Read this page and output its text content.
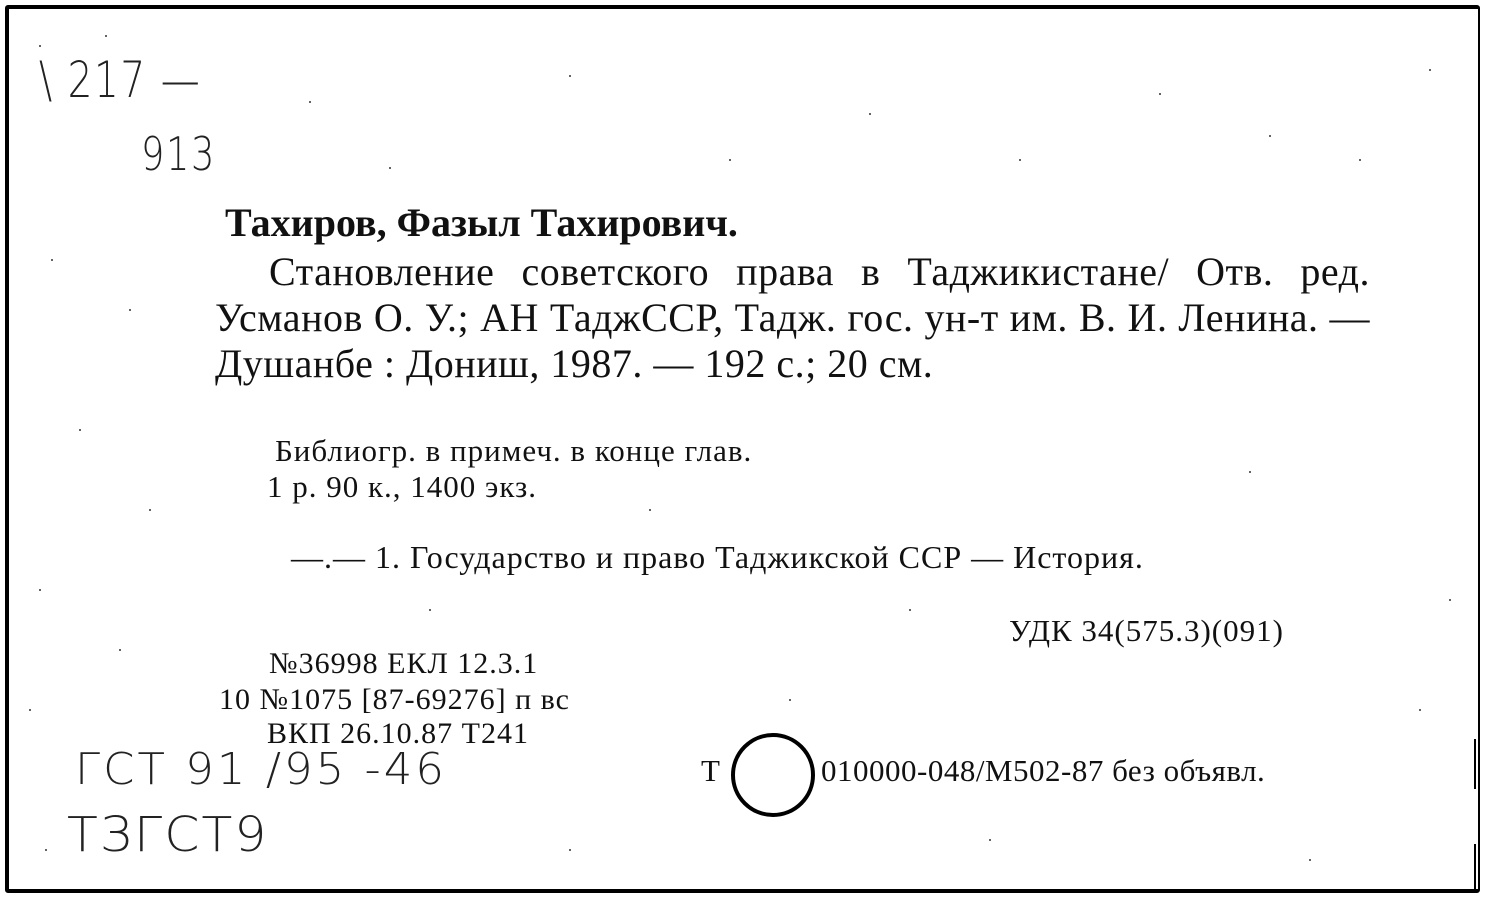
\ 217 —
913
Тахиров, Фазыл Тахирович.
Становление советского права в Таджикистане/ Отв. ред. Усманов О. У.; АН ТаджССР, Тадж. гос. ун-т им. В. И. Ленина. — Душанбе : Дониш, 1987. — 192 с.; 20 см.
Библиогр. в примеч. в конце глав.
1 р. 90 к., 1400 экз.
—.— 1. Государство и право Таджикской ССР — История.
УДК 34(575.3)(091)
№36998 ЕКЛ 12.3.1
10 №1075 [87-69276] п вс
ВКП 26.10.87 Т241
Т	010000-048/М502-87 без объявл.
ГСТ 91 /95 -46
ТЗГСТ9
